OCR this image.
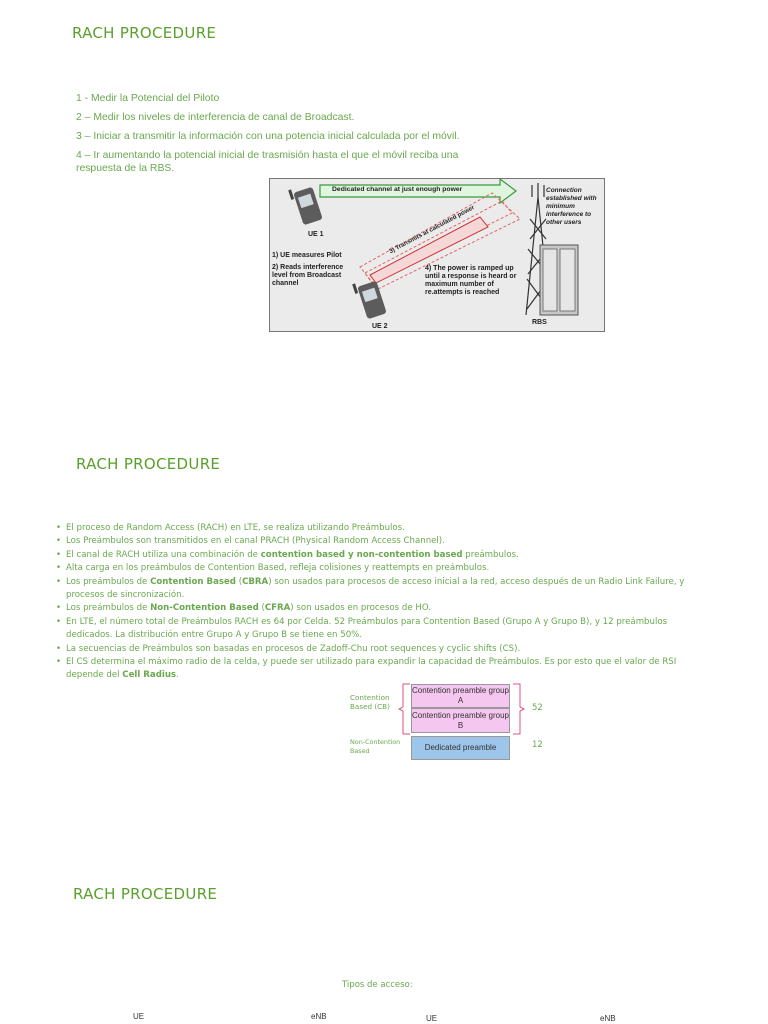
RACH PROCEDURE
1 - Medir la Potencial del Piloto
2 – Medir los niveles de interferencia de canal de Broadcast.
3 – Iniciar a transmitir la información con una potencia inicial calculada por el móvil.
4 – Ir aumentando la potencial inicial de trasmisión hasta el que el móvil reciba una respuesta de la RBS.
Dedicated channel at just enough power	Connection established with minimum interference to other users
UE 1
UE 2
RBS
1) UE measures Pilot
2) Reads interference level from Broadcast channel
3) Transmits at calculated power
4) The power is ramped up until a response is heard or maximum number of re.attempts is reached
RACH PROCEDURE
• El proceso de Random Access (RACH) en LTE, se realiza utilizando Preámbulos.
• Los Preámbulos son transmitidos en el canal PRACH (Physical Random Access Channel).
• El canal de RACH utiliza una combinación de contention based y non-contention based preámbulos.
• Alta carga en los preámbulos de Contention Based, refleja colisiones y reattempts en preámbulos.
• Los preámbulos de Contention Based (CBRA) son usados para procesos de acceso inicial a la red, acceso después de un Radio Link Failure, y procesos de sincronización.
• Los preámbulos de Non-Contention Based (CFRA) son usados en procesos de HO.
• En LTE, el número total de Preámbulos RACH es 64 por Celda. 52 Preámbulos para Contention Based (Grupo A y Grupo B), y 12 preámbulos dedicados. La distribución entre Grupo A y Grupo B se tiene en 50%.
• La secuencias de Preámbulos son basadas en procesos de Zadoff-Chu root sequences y cyclic shifts (CS).
• El CS determina el máximo radio de la celda, y puede ser utilizado para expandir la capacidad de Preámbulos. Es por esto que el valor de RSI depende del Cell Radius.
Contention Based (CB)
Non-Contention Based
Contention preamble group A
Contention preamble group B
Dedicated preamble
52
12
RACH PROCEDURE
Tipos de acceso:
UE	eNB	UE	eNB
